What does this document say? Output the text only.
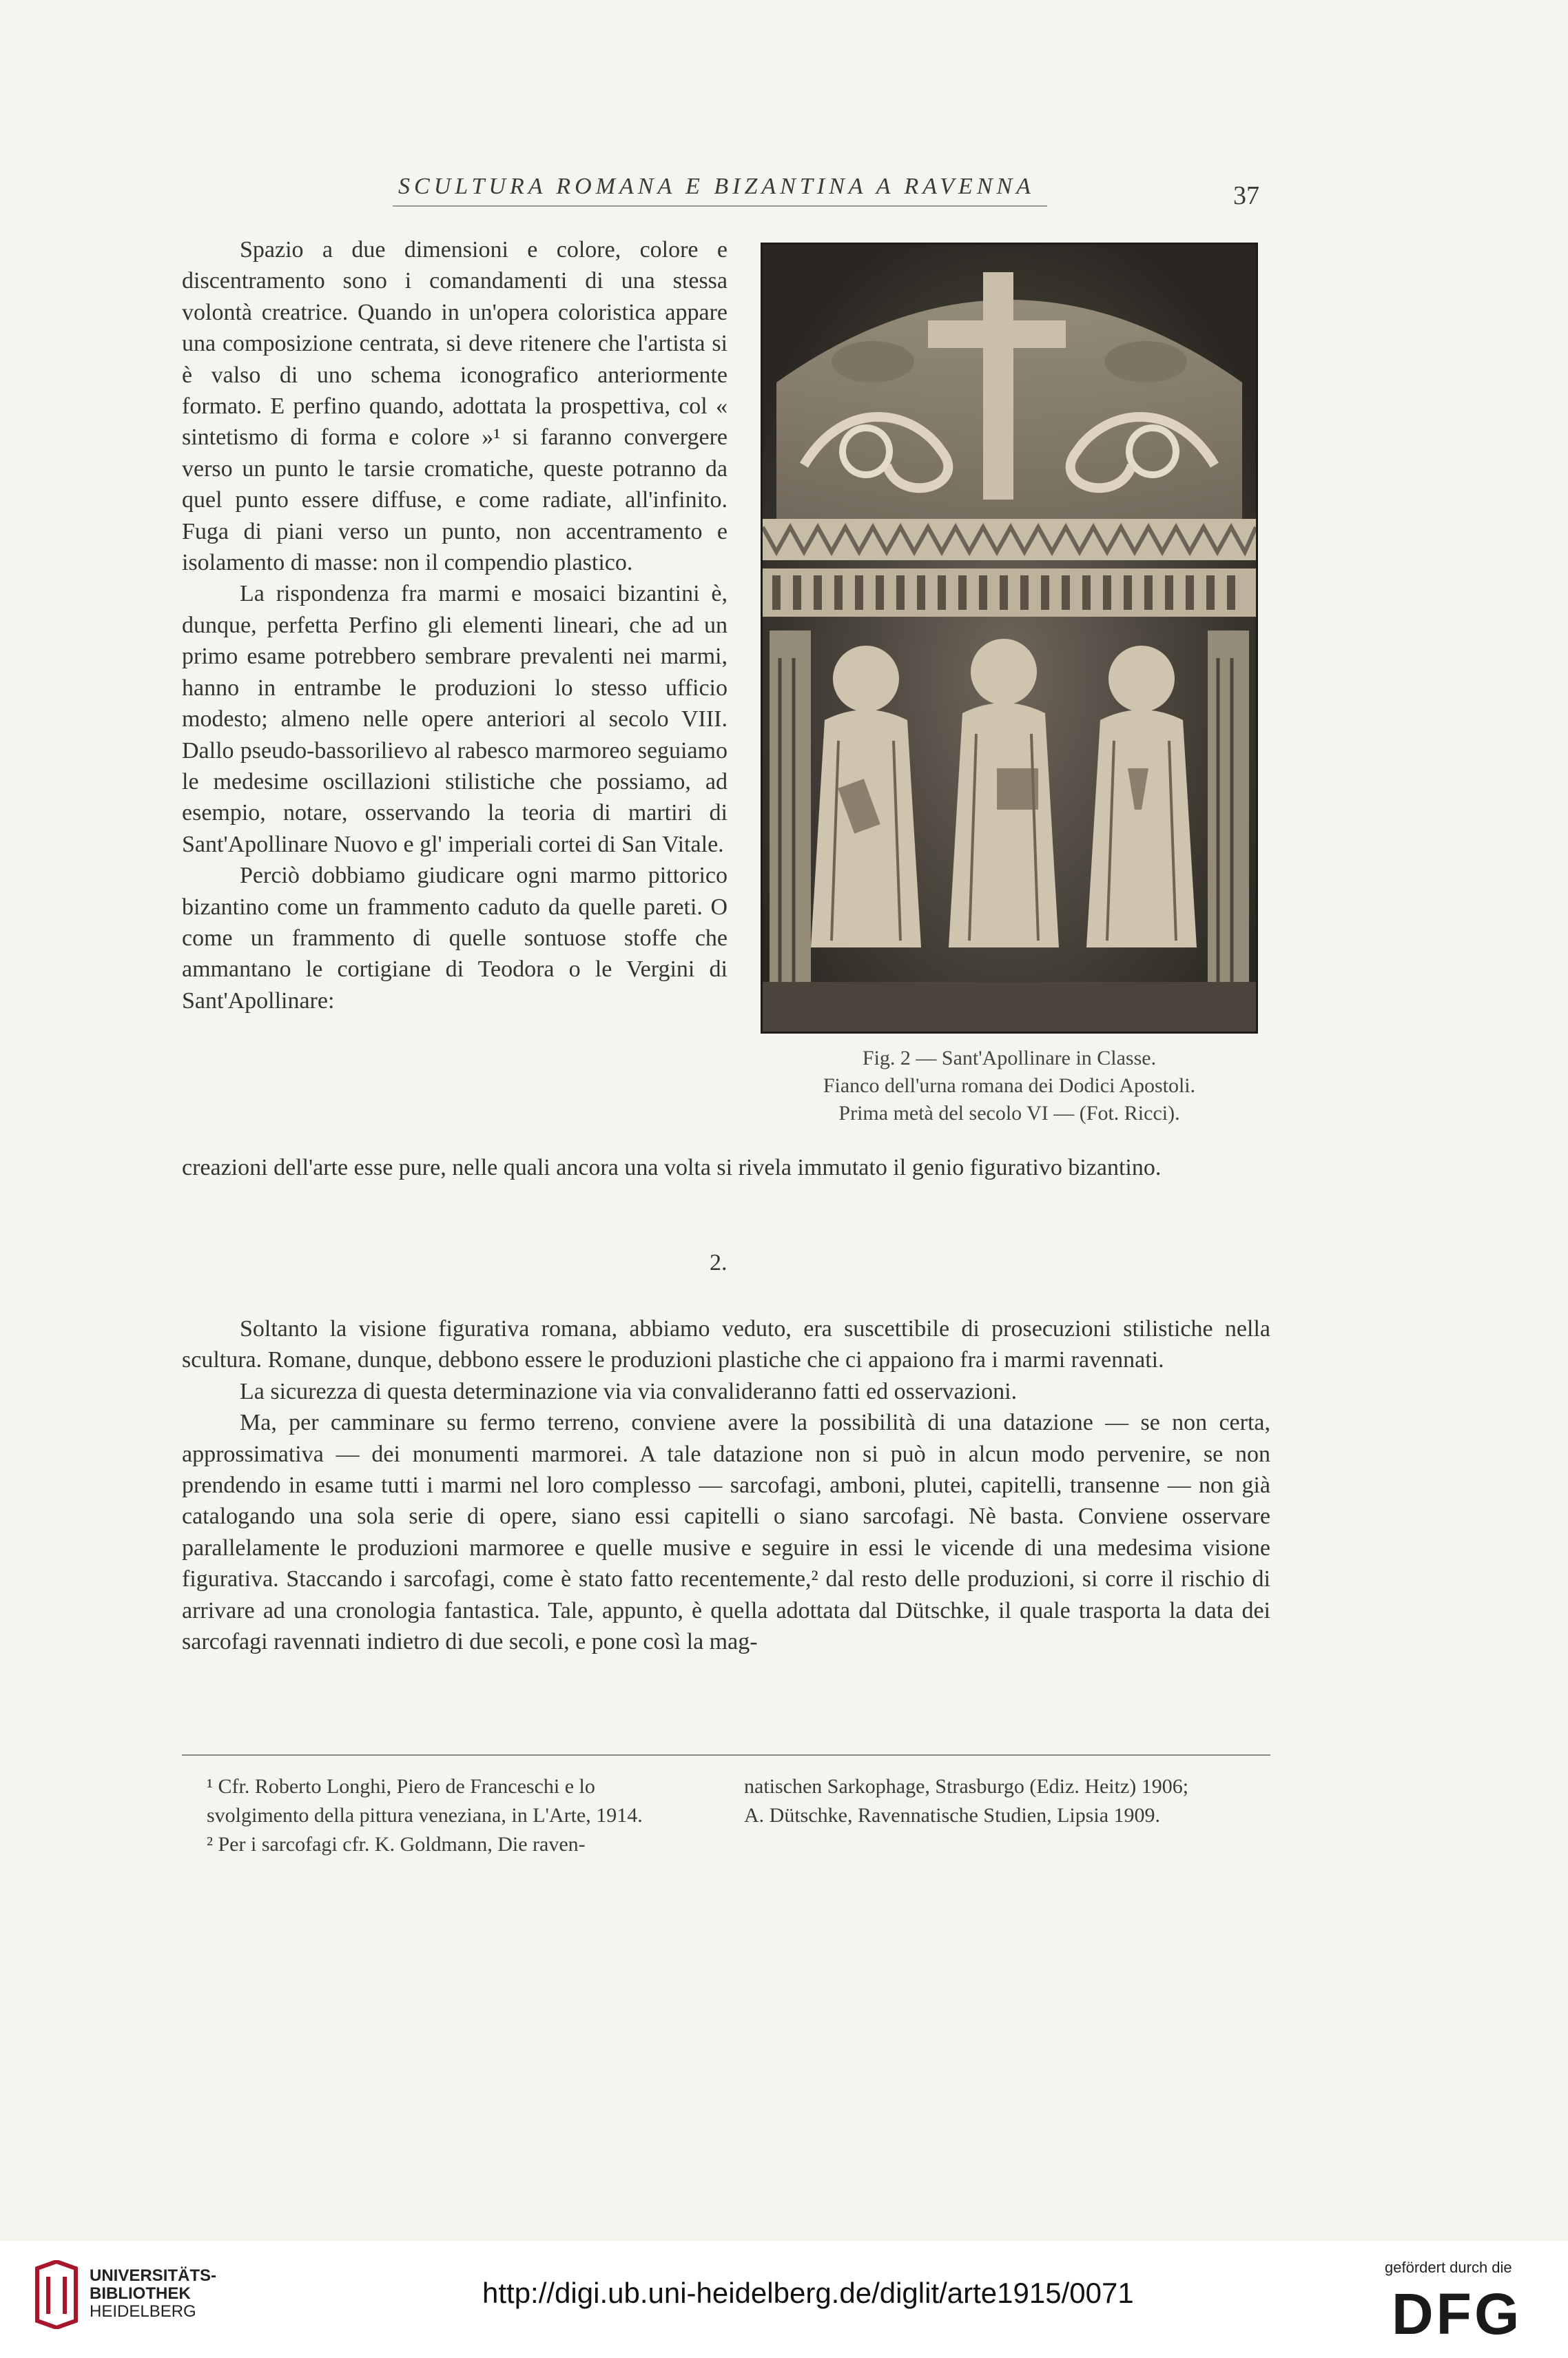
SCULTURA ROMANA E BIZANTINA A RAVENNA	37

Spazio a due dimensioni e colore, colore e discentramento sono i comandamenti di una stessa volontà creatrice. Quando in un'opera coloristica appare una composizione centrata, si deve ritenere che l'artista si è valso di uno schema iconografico anteriormente formato. E perfino quando, adottata la prospettiva, col « sintetismo di forma e colore »¹ si faranno convergere verso un punto le tarsie cromatiche, queste potranno da quel punto essere diffuse, e come radiate, all'infinito. Fuga di piani verso un punto, non accentramento e isolamento di masse: non il compendio plastico.

La rispondenza fra marmi e mosaici bizantini è, dunque, perfetta Perfino gli elementi lineari, che ad un primo esame potrebbero sembrare prevalenti nei marmi, hanno in entrambe le produzioni lo stesso ufficio modesto; almeno nelle opere anteriori al secolo VIII. Dallo pseudo-bassorilievo al rabesco marmoreo seguiamo le medesime oscillazioni stilistiche che possiamo, ad esempio, notare, osservando la teoria di martiri di Sant'Apollinare Nuovo e gl' imperiali cortei di San Vitale.

Perciò dobbiamo giudicare ogni marmo pittorico bizantino come un frammento caduto da quelle pareti. O come un frammento di quelle sontuose stoffe che ammantano le cortigiane di Teodora o le Vergini di Sant'Apollinare:

Fig. 2 — Sant'Apollinare in Classe.
Fianco dell'urna romana dei Dodici Apostoli.
Prima metà del secolo VI — (Fot. Ricci).

creazioni dell'arte esse pure, nelle quali ancora una volta si rivela immutato il genio figurativo bizantino.

2.

Soltanto la visione figurativa romana, abbiamo veduto, era suscettibile di prosecuzioni stilistiche nella scultura. Romane, dunque, debbono essere le produzioni plastiche che ci appaiono fra i marmi ravennati.

La sicurezza di questa determinazione via via convalideranno fatti ed osservazioni.

Ma, per camminare su fermo terreno, conviene avere la possibilità di una datazione — se non certa, approssimativa — dei monumenti marmorei. A tale datazione non si può in alcun modo pervenire, se non prendendo in esame tutti i marmi nel loro complesso — sarcofagi, amboni, plutei, capitelli, transenne — non già catalogando una sola serie di opere, siano essi capitelli o siano sarcofagi. Nè basta. Conviene osservare parallelamente le produzioni marmoree e quelle musive e seguire in essi le vicende di una medesima visione figurativa. Staccando i sarcofagi, come è stato fatto recentemente,² dal resto delle produzioni, si corre il rischio di arrivare ad una cronologia fantastica. Tale, appunto, è quella adottata dal Dütschke, il quale trasporta la data dei sarcofagi ravennati indietro di due secoli, e pone così la mag-

¹ Cfr. Roberto Longhi, Piero de Franceschi e lo
svolgimento della pittura veneziana, in L'Arte, 1914.
² Per i sarcofagi cfr. K. Goldmann, Die raven-
natischen Sarkophage, Strasburgo (Ediz. Heitz) 1906;
A. Dütschke, Ravennatische Studien, Lipsia 1909.
UNIVERSITÄTS-
BIBLIOTHEK
HEIDELBERG
http://digi.ub.uni-heidelberg.de/diglit/arte1915/0071
gefördert durch die
DFG
